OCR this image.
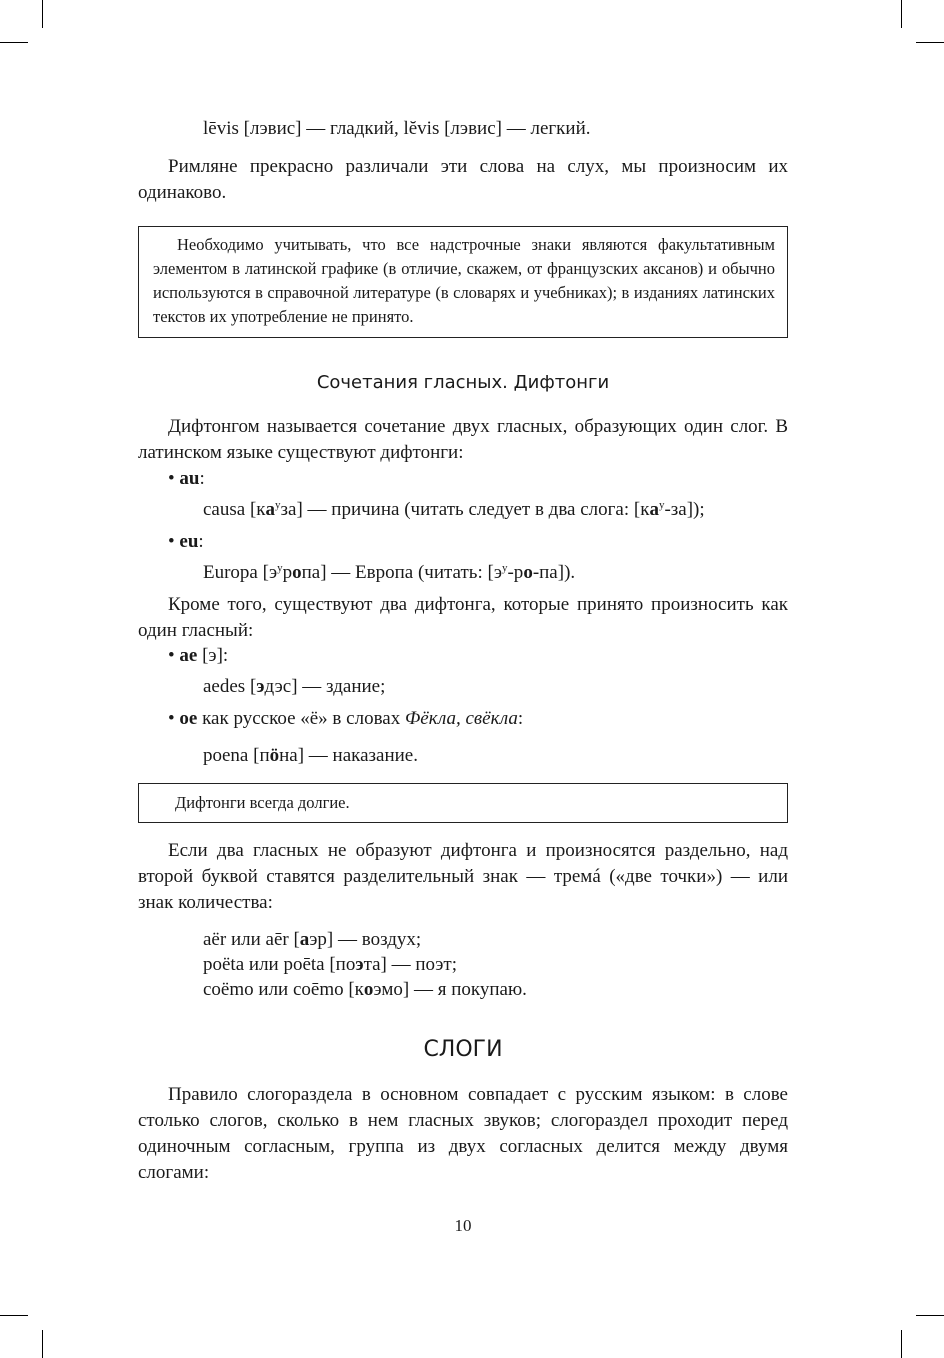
lēvis [лэвис] — гладкий, lĕvis [лэвис] — легкий.

Римляне прекрасно различали эти слова на слух, мы произносим их одинаково.

Необходимо учитывать, что все надстрочные знаки являются факультативным элементом в латинской графике (в отличие, скажем, от французских аксанов) и обычно используются в справочной литературе (в словарях и учебниках); в изданиях латинских текстов их употребление не принято.

Сочетания гласных. Дифтонги

Дифтонгом называется сочетание двух гласных, образующих один слог. В латинском языке существуют дифтонги:

• au:
causa $[ка^уза]$ — причина (читать следует в два слога: $[ка^у-за]$);
• eu:
Europa $[э^уропа]$ — Европа (читать: $[э^у-ро-па]$).

Кроме того, существуют два дифтонга, которые принято произносить как один гласный:

• ae [э]:
aedes [эдэс] — здание;
• oe как русское «ё» в словах Фёкла, свёкла:
poena [пӧна] — наказание.

Дифтонги всегда долгие.

Если два гласных не образуют дифтонга и произносятся раздельно, над второй буквой ставятся разделительный знак — тремá («две точки») — или знак количества:

aёr или aēr [аэр] — воздух;
poёta или poēta [поэта] — поэт;
coёmo или coēmo [коэмо] — я покупаю.
СЛОГИ

Правило слогораздела в основном совпадает с русским языком: в слове столько слогов, сколько в нем гласных звуков; слогораздел проходит перед одиночным согласным, группа из двух согласных делится между двумя слогами:

10
